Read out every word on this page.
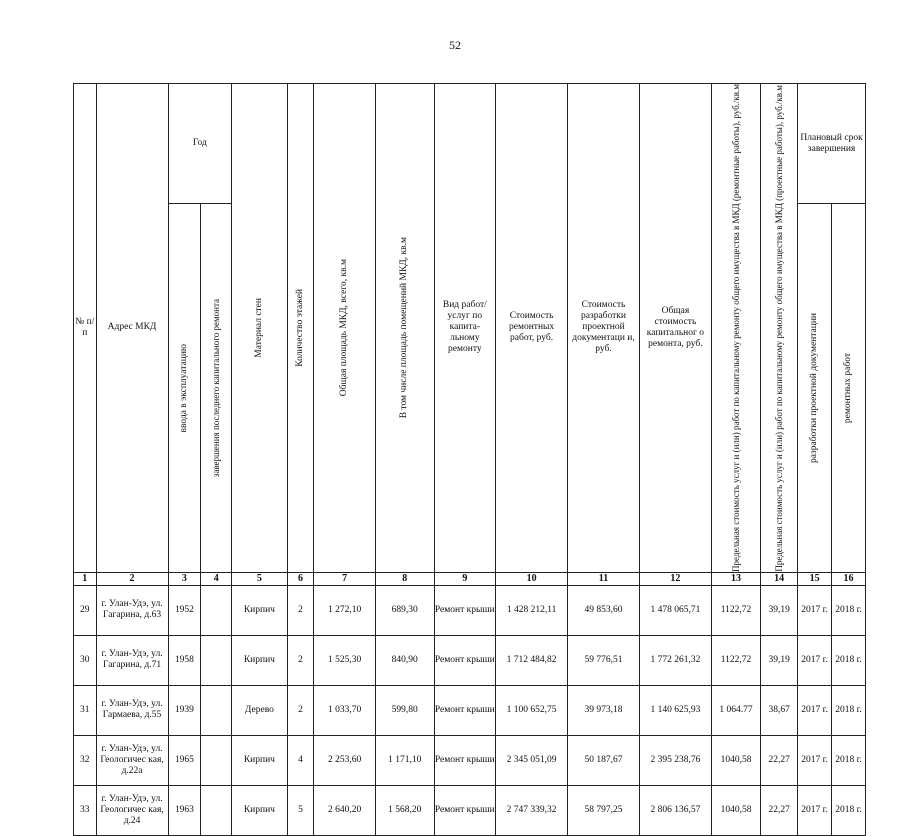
52
№ п/ п	Адрес МКД	Год		Материал стен	Количество этажей	Общая площадь МКД, всего, кв.м	В том числе площадь помещений МКД, кв.м	Вид работ/ услуг по капита- льному ремонту	Стоимость ремонтных работ, руб.	Стоимость разработки проектной документаци и, руб.	Общая стоимость капитальног о ремонта, руб.	Предельная стоимость услуг и (или) работ по капитальному ремонту общего имущества в МКД (ремонтные работы), руб./кв.м	Предельная стоимость услуг и (или) работ по капитальному ремонту общего имущества в МКД (проектные работы), руб./кв.м	Плановый срок завершения	

		ввода в эксплуатацию	завершения последнего капитального ремонта											разработки проектной документации	ремонтных работ

1	2	3	4	5	6	7	8	9	10	11	12	13	14	15	16
29	г. Улан-Удэ, ул. Гагарина, д.63	1952		Кирпич	2	1 272,10	689,30	Ремонт крыши	1 428 212,11	49 853,60	1 478 065,71	1122,72	39,19	2017 г.	2018 г.
30	г. Улан-Удэ, ул. Гагарина, д.71	1958		Кирпич	2	1 525,30	840,90	Ремонт крыши	1 712 484,82	59 776,51	1 772 261,32	1122,72	39,19	2017 г.	2018 г.
31	г. Улан-Удэ, ул. Гармаева, д.55	1939		Дерево	2	1 033,70	599,80	Ремонт крыши	1 100 652,75	39 973,18	1 140 625,93	1 064.77	38,67	2017 г.	2018 г.
32	г. Улан-Удэ, ул. Геологичес кая, д.22а	1965		Кирпич	4	2 253,60	1 171,10	Ремонт крыши	2 345 051,09	50 187,67	2 395 238,76	1040,58	22,27	2017 г.	2018 г.
33	г. Улан-Удэ, ул. Геологичес кая, д.24	1963		Кирпич	5	2 640,20	1 568,20	Ремонт крыши	2 747 339,32	58 797,25	2 806 136,57	1040,58	22,27	2017 г.	2018 г.
